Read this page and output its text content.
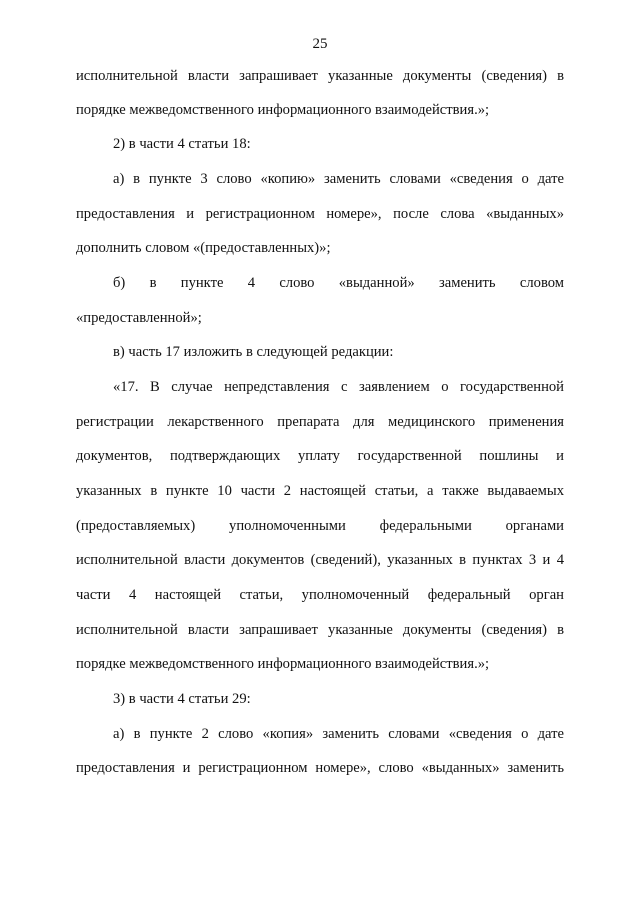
25
исполнительной власти запрашивает указанные документы (сведения) в
порядке межведомственного информационного взаимодействия.»;
2) в части 4 статьи 18:
а) в пункте 3 слово «копию» заменить словами «сведения о дате
предоставления и регистрационном номере», после слова «выданных»
дополнить словом «(предоставленных)»;
б) в пункте 4 слово «выданной» заменить словом
«предоставленной»;
в) часть 17 изложить в следующей редакции:
«17. В случае непредставления с заявлением о государственной
регистрации лекарственного препарата для медицинского применения
документов, подтверждающих уплату государственной пошлины и
указанных в пункте 10 части 2 настоящей статьи, а также выдаваемых
(предоставляемых) уполномоченными федеральными органами
исполнительной власти документов (сведений), указанных в пунктах 3 и 4
части 4 настоящей статьи, уполномоченный федеральный орган
исполнительной власти запрашивает указанные документы (сведения) в
порядке межведомственного информационного взаимодействия.»;
3) в части 4 статьи 29:
а) в пункте 2 слово «копия» заменить словами «сведения о дате
предоставления и регистрационном номере», слово «выданных» заменить
